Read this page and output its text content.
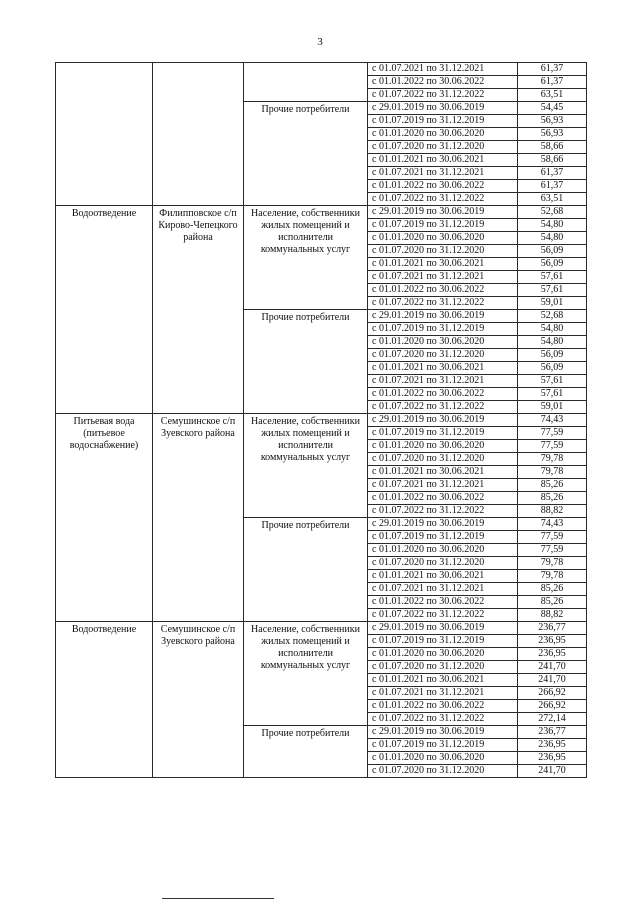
3
			с 01.07.2021 по 31.12.2021	61,37
			с 01.01.2022 по 30.06.2022	61,37
			с 01.07.2022 по 31.12.2022	63,51
		Прочие потребители	с 29.01.2019 по 30.06.2019	54,45
			с 01.07.2019 по 31.12.2019	56,93
			с 01.01.2020 по 30.06.2020	56,93
			с 01.07.2020 по 31.12.2020	58,66
			с 01.01.2021 по 30.06.2021	58,66
			с 01.07.2021 по 31.12.2021	61,37
			с 01.01.2022 по 30.06.2022	61,37
			с 01.07.2022 по 31.12.2022	63,51
Водоотведение	Филипповское с/п Кирово-Чепецкого района	Население, собственники жилых помещений и исполнители коммунальных услуг	с 29.01.2019 по 30.06.2019	52,68
			с 01.07.2019 по 31.12.2019	54,80
			с 01.01.2020 по 30.06.2020	54,80
			с 01.07.2020 по 31.12.2020	56,09
			с 01.01.2021 по 30.06.2021	56,09
			с 01.07.2021 по 31.12.2021	57,61
			с 01.01.2022 по 30.06.2022	57,61
			с 01.07.2022 по 31.12.2022	59,01
		Прочие потребители	с 29.01.2019 по 30.06.2019	52,68
			с 01.07.2019 по 31.12.2019	54,80
			с 01.01.2020 по 30.06.2020	54,80
			с 01.07.2020 по 31.12.2020	56,09
			с 01.01.2021 по 30.06.2021	56,09
			с 01.07.2021 по 31.12.2021	57,61
			с 01.01.2022 по 30.06.2022	57,61
			с 01.07.2022 по 31.12.2022	59,01
Питьевая вода (питьевое водоснабжение)	Семушинское с/п Зуевского района	Население, собственники жилых помещений и исполнители коммунальных услуг	с 29.01.2019 по 30.06.2019	74,43
			с 01.07.2019 по 31.12.2019	77,59
			с 01.01.2020 по 30.06.2020	77,59
			с 01.07.2020 по 31.12.2020	79,78
			с 01.01.2021 по 30.06.2021	79,78
			с 01.07.2021 по 31.12.2021	85,26
			с 01.01.2022 по 30.06.2022	85,26
			с 01.07.2022 по 31.12.2022	88,82
		Прочие потребители	с 29.01.2019 по 30.06.2019	74,43
			с 01.07.2019 по 31.12.2019	77,59
			с 01.01.2020 по 30.06.2020	77,59
			с 01.07.2020 по 31.12.2020	79,78
			с 01.01.2021 по 30.06.2021	79,78
			с 01.07.2021 по 31.12.2021	85,26
			с 01.01.2022 по 30.06.2022	85,26
			с 01.07.2022 по 31.12.2022	88,82
Водоотведение	Семушинское с/п Зуевского района	Население, собственники жилых помещений и исполнители коммунальных услуг	с 29.01.2019 по 30.06.2019	236,77
			с 01.07.2019 по 31.12.2019	236,95
			с 01.01.2020 по 30.06.2020	236,95
			с 01.07.2020 по 31.12.2020	241,70
			с 01.01.2021 по 30.06.2021	241,70
			с 01.07.2021 по 31.12.2021	266,92
			с 01.01.2022 по 30.06.2022	266,92
			с 01.07.2022 по 31.12.2022	272,14
		Прочие потребители	с 29.01.2019 по 30.06.2019	236,77
			с 01.07.2019 по 31.12.2019	236,95
			с 01.01.2020 по 30.06.2020	236,95
			с 01.07.2020 по 31.12.2020	241,70
